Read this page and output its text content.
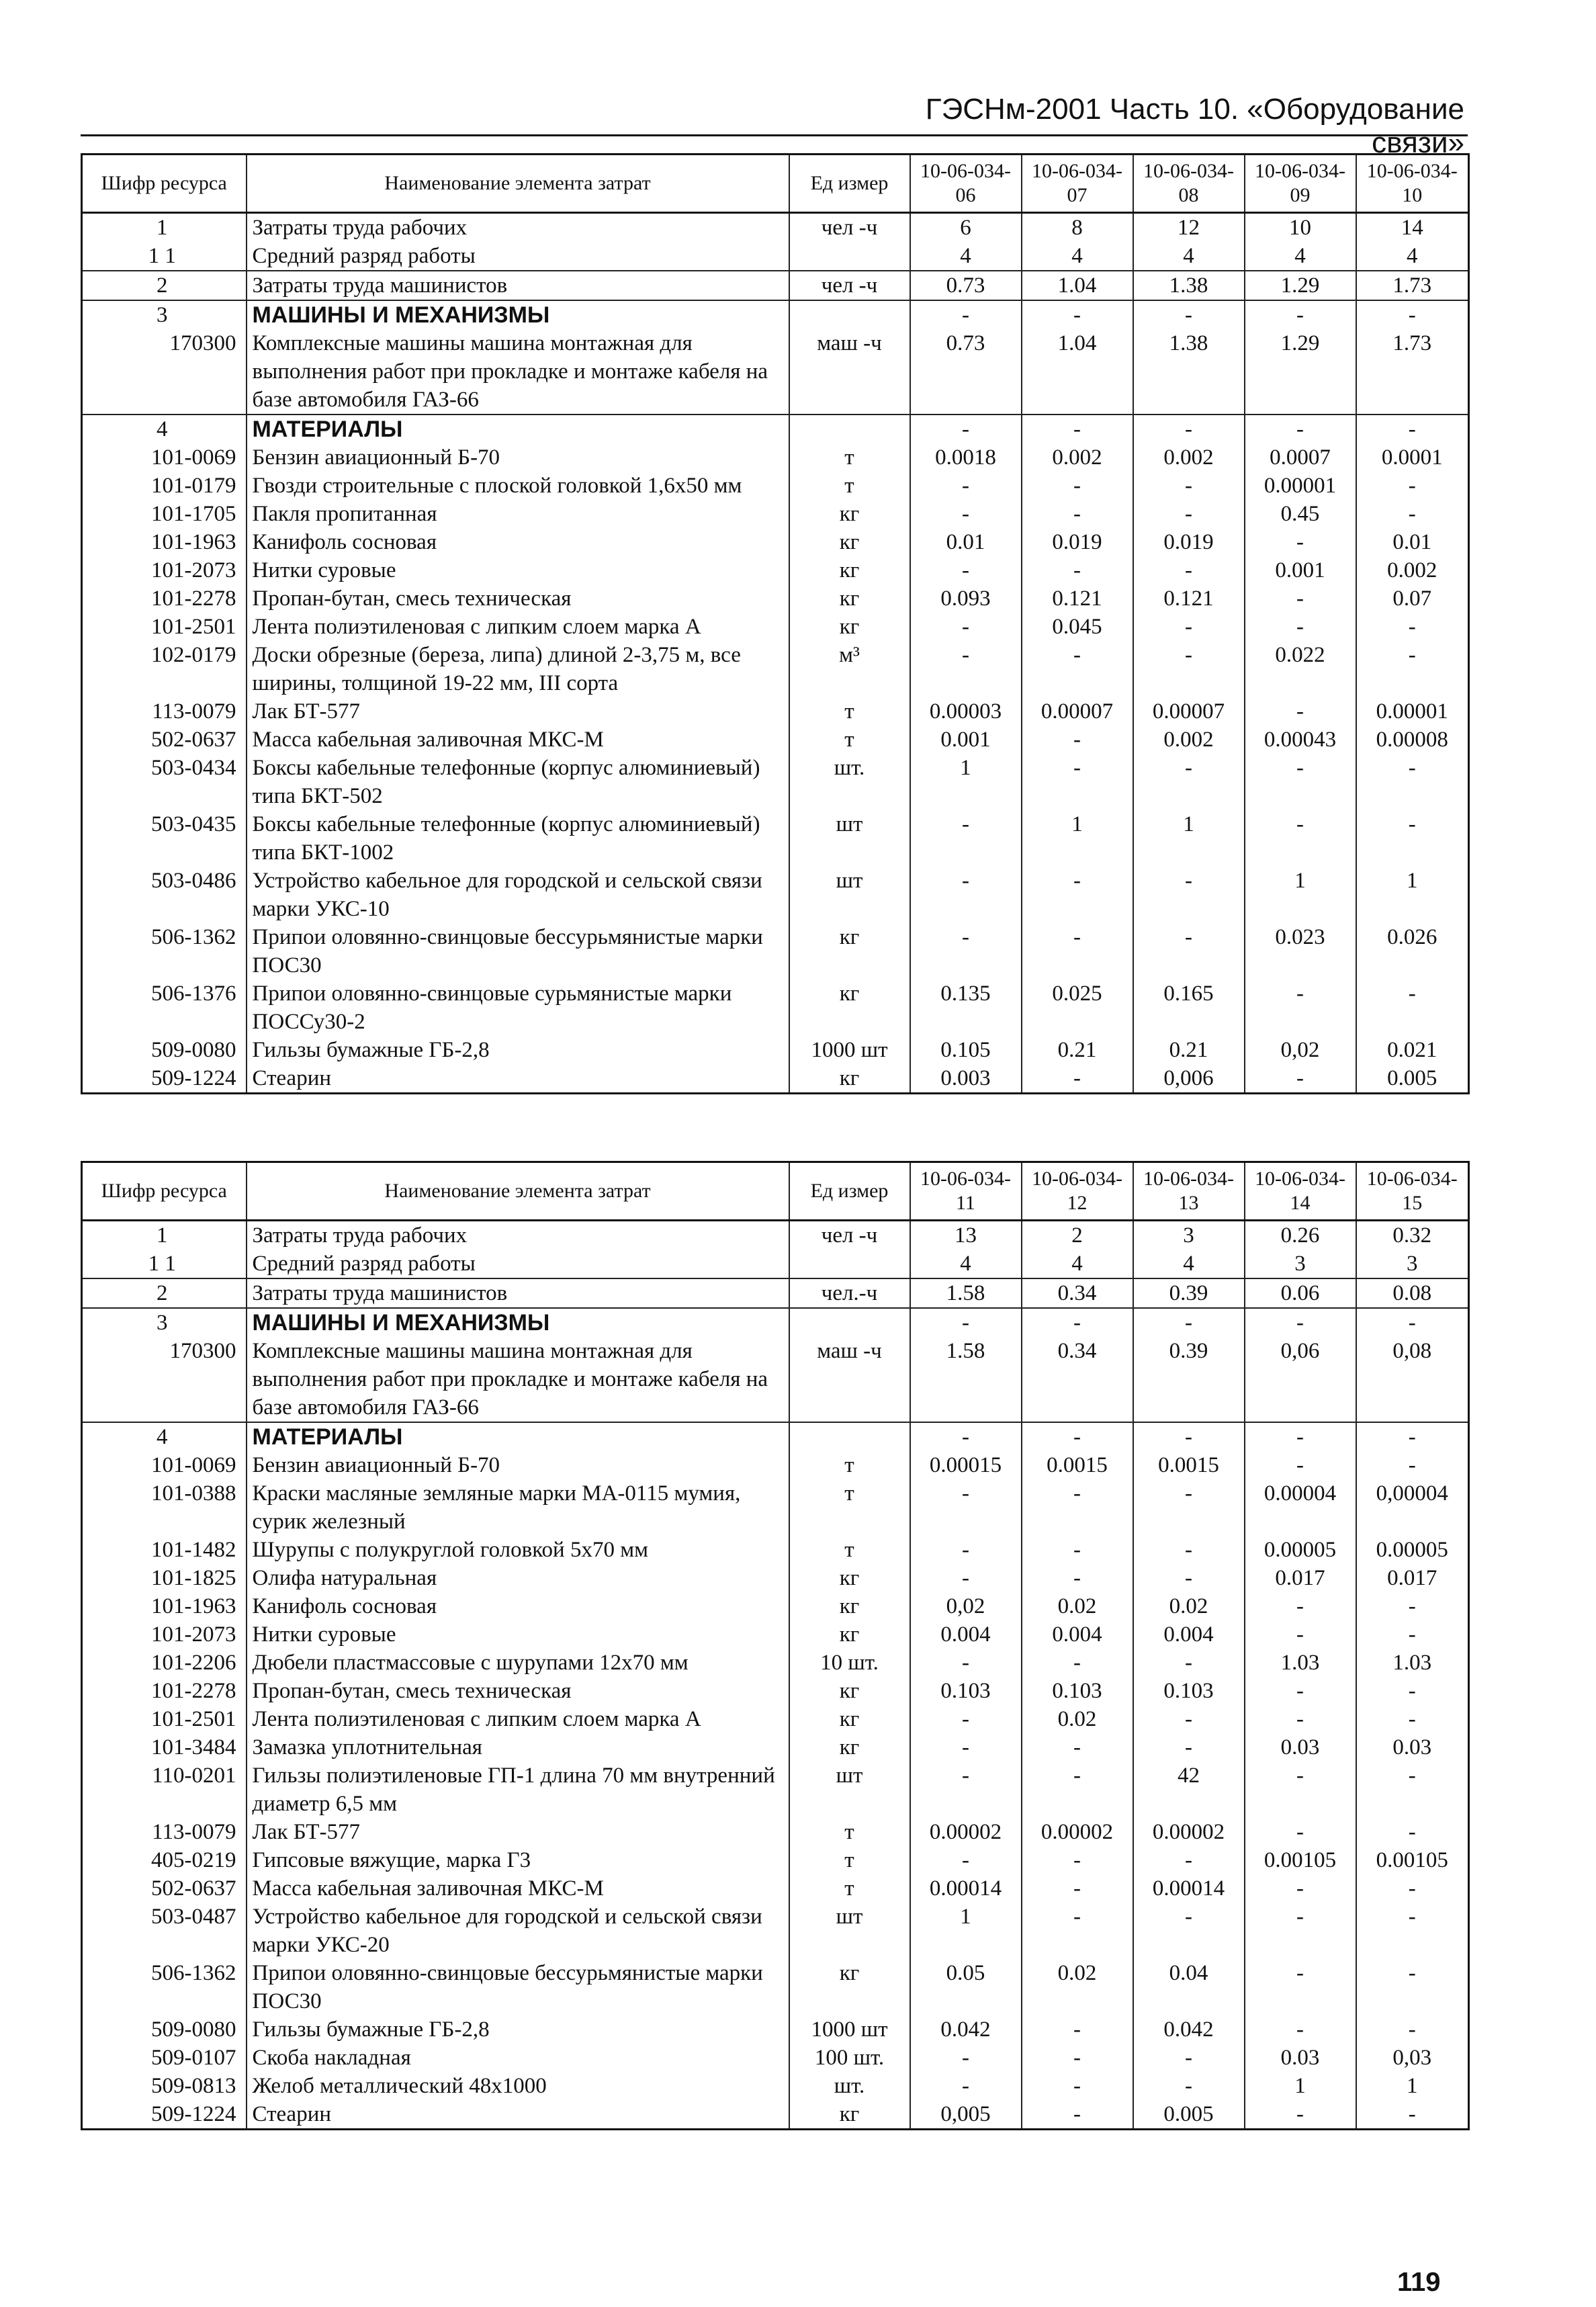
ГЭСНм-2001 Часть 10. «Оборудование связи»
Шифр ресурса	Наименование элемента затрат	Ед измер	10-06-034-06	10-06-034-07	10-06-034-08	10-06-034-09	10-06-034-10
1	Затраты труда рабочих	чел -ч	6	8	12	10	14
1 1	Средний разряд работы		4	4	4	4	4
2	Затраты труда машинистов	чел -ч	0.73	1.04	1.38	1.29	1.73
3	МАШИНЫ И МЕХАНИЗМЫ		-	-	-	-	-
170300	Комплексные машины машина монтажная для выполнения работ при прокладке и монтаже кабеля на базе автомобиля ГАЗ-66	маш -ч	0.73	1.04	1.38	1.29	1.73
4	МАТЕРИАЛЫ		-	-	-	-	-
101-0069	Бензин авиационный Б-70	т	0.0018	0.002	0.002	0.0007	0.0001
101-0179	Гвозди строительные с плоской головкой 1,6x50 мм	т	-	-	-	0.00001	-
101-1705	Пакля пропитанная	кг	-	-	-	0.45	-
101-1963	Канифоль сосновая	кг	0.01	0.019	0.019	-	0.01
101-2073	Нитки суровые	кг	-	-	-	0.001	0.002
101-2278	Пропан-бутан, смесь техническая	кг	0.093	0.121	0.121	-	0.07
101-2501	Лента полиэтиленовая с липким слоем марка А	кг	-	0.045	-	-	-
102-0179	Доски обрезные (береза, липа) длиной 2-3,75 м, все ширины, толщиной 19-22 мм, III сорта	м³	-	-	-	0.022	-
113-0079	Лак БТ-577	т	0.00003	0.00007	0.00007	-	0.00001
502-0637	Масса кабельная заливочная МКС-М	т	0.001	-	0.002	0.00043	0.00008
503-0434	Боксы кабельные телефонные (корпус алюминиевый) типа БКТ-502	шт.	1	-	-	-	-
503-0435	Боксы кабельные телефонные (корпус алюминиевый) типа БКТ-1002	шт	-	1	1	-	-
503-0486	Устройство кабельное для городской и сельской связи марки УКС-10	шт	-	-	-	1	1
506-1362	Припои оловянно-свинцовые бессурьмянистые марки ПОС30	кг	-	-	-	0.023	0.026
506-1376	Припои оловянно-свинцовые сурьмянистые марки ПОССу30-2	кг	0.135	0.025	0.165	-	-
509-0080	Гильзы бумажные ГБ-2,8	1000 шт	0.105	0.21	0.21	0,02	0.021
509-1224	Стеарин	кг	0.003	-	0,006	-	0.005
Шифр ресурса	Наименование элемента затрат	Ед измер	10-06-034-11	10-06-034-12	10-06-034-13	10-06-034-14	10-06-034-15
1	Затраты труда рабочих	чел -ч	13	2	3	0.26	0.32
1 1	Средний разряд работы		4	4	4	3	3
2	Затраты труда машинистов	чел.-ч	1.58	0.34	0.39	0.06	0.08
3	МАШИНЫ И МЕХАНИЗМЫ		-	-	-	-	-
170300	Комплексные машины машина монтажная для выполнения работ при прокладке и монтаже кабеля на базе автомобиля ГАЗ-66	маш -ч	1.58	0.34	0.39	0,06	0,08
4	МАТЕРИАЛЫ		-	-	-	-	-
101-0069	Бензин авиационный Б-70	т	0.00015	0.0015	0.0015	-	-
101-0388	Краски масляные земляные марки МА-0115 мумия, сурик железный	т	-	-	-	0.00004	0,00004
101-1482	Шурупы с полукруглой головкой 5x70 мм	т	-	-	-	0.00005	0.00005
101-1825	Олифа натуральная	кг	-	-	-	0.017	0.017
101-1963	Канифоль сосновая	кг	0,02	0.02	0.02	-	-
101-2073	Нитки суровые	кг	0.004	0.004	0.004	-	-
101-2206	Дюбели пластмассовые с шурупами 12x70 мм	10 шт.	-	-	-	1.03	1.03
101-2278	Пропан-бутан, смесь техническая	кг	0.103	0.103	0.103	-	-
101-2501	Лента полиэтиленовая с липким слоем марка А	кг	-	0.02	-	-	-
101-3484	Замазка уплотнительная	кг	-	-	-	0.03	0.03
110-0201	Гильзы полиэтиленовые ГП-1 длина 70 мм внутренний диаметр 6,5 мм	шт	-	-	42	-	-
113-0079	Лак БТ-577	т	0.00002	0.00002	0.00002	-	-
405-0219	Гипсовые вяжущие, марка Г3	т	-	-	-	0.00105	0.00105
502-0637	Масса кабельная заливочная МКС-М	т	0.00014	-	0.00014	-	-
503-0487	Устройство кабельное для городской и сельской связи марки УКС-20	шт	1	-	-	-	-
506-1362	Припои оловянно-свинцовые бессурьмянистые марки ПОС30	кг	0.05	0.02	0.04	-	-
509-0080	Гильзы бумажные ГБ-2,8	1000 шт	0.042	-	0.042	-	-
509-0107	Скоба накладная	100 шт.	-	-	-	0.03	0,03
509-0813	Желоб металлический 48x1000	шт.	-	-	-	1	1
509-1224	Стеарин	кг	0,005	-	0.005	-	-
119
